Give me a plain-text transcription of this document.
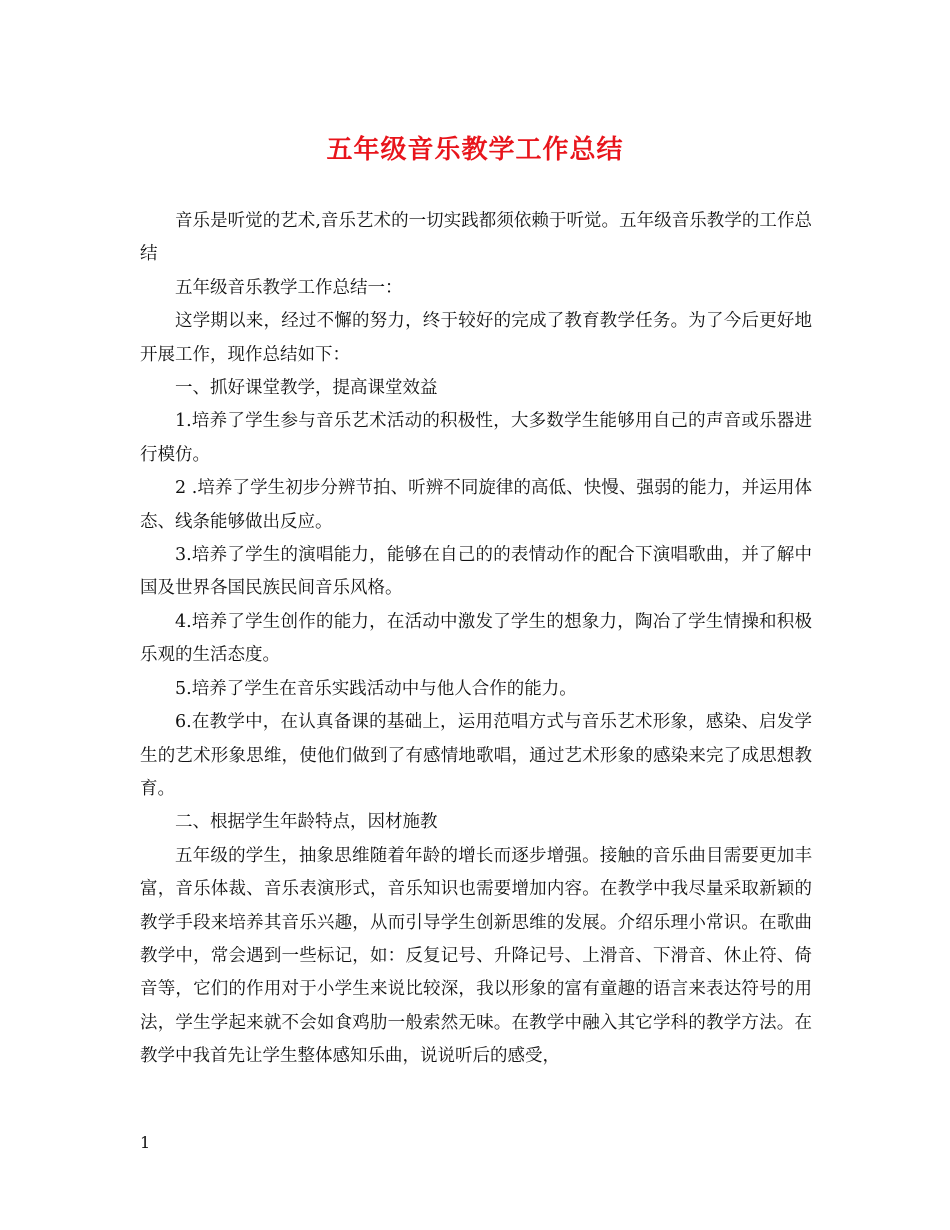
五年级音乐教学工作总结

音乐是听觉的艺术,音乐艺术的一切实践都须依赖于听觉。五年级音乐教学的工作总结

五年级音乐教学工作总结一：

这学期以来，经过不懈的努力，终于较好的完成了教育教学任务。为了今后更好地开展工作，现作总结如下：

一、抓好课堂教学，提高课堂效益

1.培养了学生参与音乐艺术活动的积极性，大多数学生能够用自己的声音或乐器进行模仿。

2 .培养了学生初步分辨节拍、听辨不同旋律的高低、快慢、强弱的能力，并运用体态、线条能够做出反应。

3.培养了学生的演唱能力，能够在自己的的表情动作的配合下演唱歌曲，并了解中国及世界各国民族民间音乐风格。

4.培养了学生创作的能力，在活动中激发了学生的想象力，陶冶了学生情操和积极乐观的生活态度。

5.培养了学生在音乐实践活动中与他人合作的能力。

6.在教学中，在认真备课的基础上，运用范唱方式与音乐艺术形象，感染、启发学生的艺术形象思维，使他们做到了有感情地歌唱，通过艺术形象的感染来完了成思想教育。

二、根据学生年龄特点，因材施教

五年级的学生，抽象思维随着年龄的增长而逐步增强。接触的音乐曲目需要更加丰富，音乐体裁、音乐表演形式，音乐知识也需要增加内容。在教学中我尽量采取新颖的教学手段来培养其音乐兴趣，从而引导学生创新思维的发展。介绍乐理小常识。在歌曲教学中，常会遇到一些标记，如：反复记号、升降记号、上滑音、下滑音、休止符、倚音等，它们的作用对于小学生来说比较深，我以形象的富有童趣的语言来表达符号的用法，学生学起来就不会如食鸡肋一般索然无味。在教学中融入其它学科的教学方法。在教学中我首先让学生整体感知乐曲，说说听后的感受，

1
